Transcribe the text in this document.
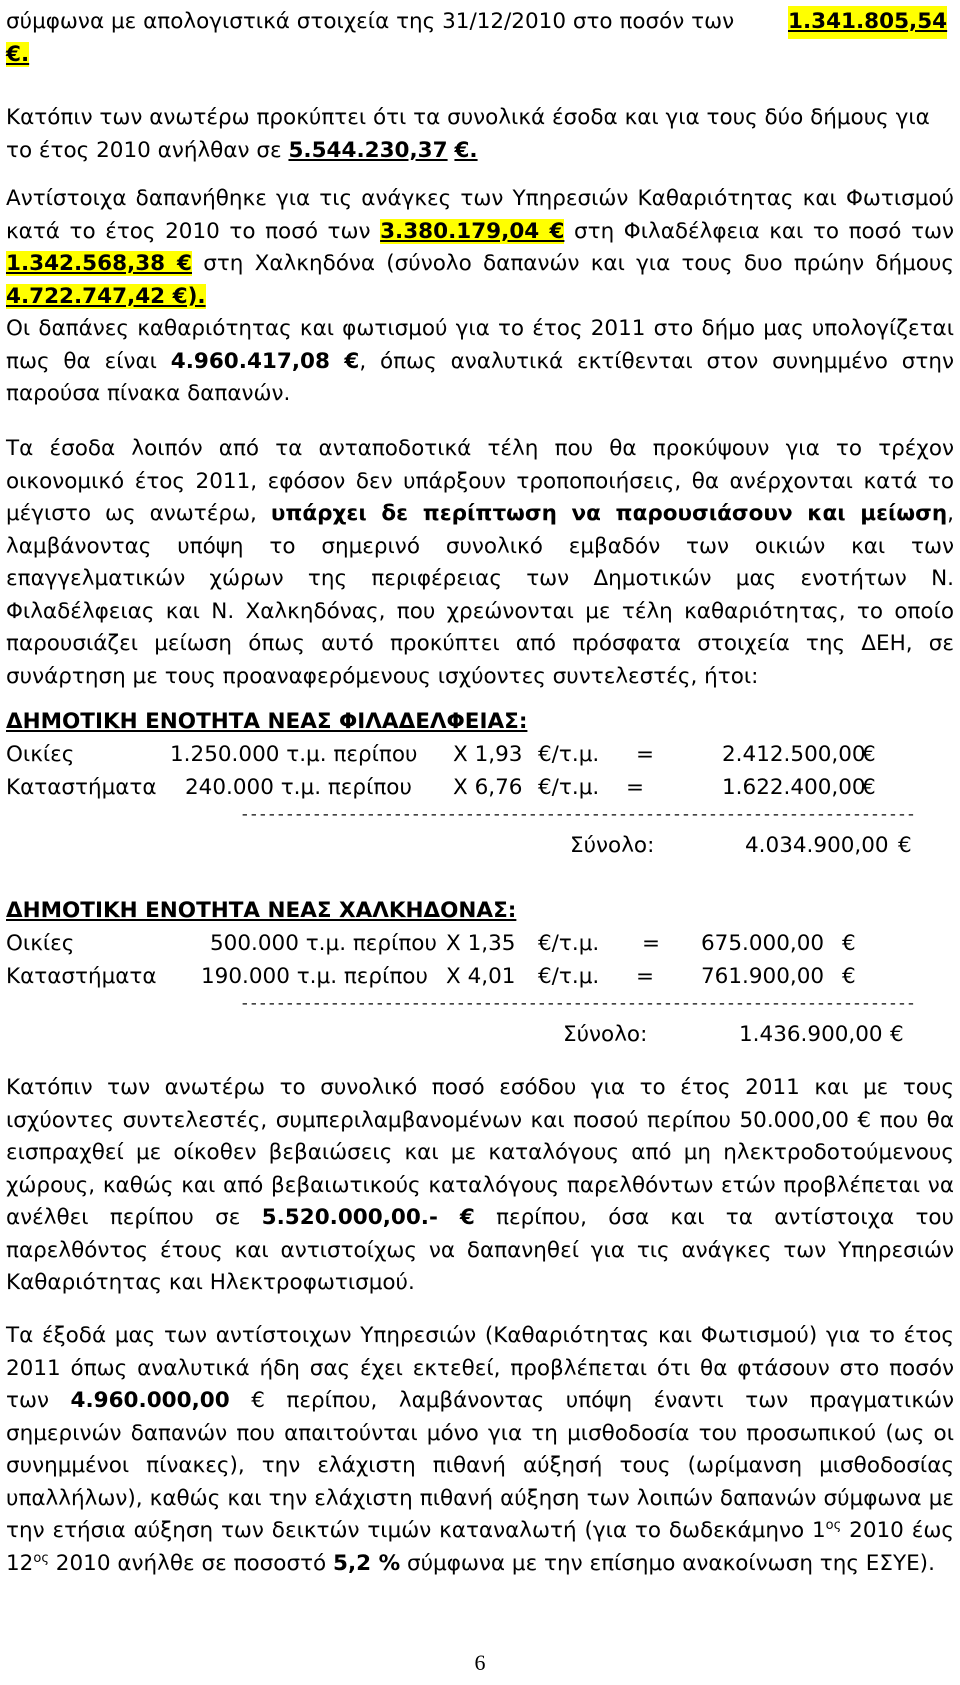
σύμφωνα με απολογιστικά στοιχεία της 31/12/2010 στο ποσόν των	1.341.805,54

€.
Κατόπιν των ανωτέρω προκύπτει ότι τα συνολικά έσοδα και για τους δύο δήμους για το έτος 2010 ανήλθαν σε 5.544.230,37 €.
Αντίστοιχα δαπανήθηκε για τις ανάγκες των Υπηρεσιών Καθαριότητας και Φωτισμού κατά το έτος 2010 το ποσό των 3.380.179,04 € στη Φιλαδέλφεια και το ποσό των 1.342.568,38 € στη Χαλκηδόνα (σύνολο δαπανών και για τους δυο πρώην δήμους 4.722.747,42 €).
Οι δαπάνες καθαριότητας και φωτισμού για το έτος 2011 στο δήμο μας υπολογίζεται πως θα είναι 4.960.417,08 €, όπως αναλυτικά εκτίθενται στον συνημμένο στην παρούσα πίνακα δαπανών.
Τα έσοδα λοιπόν από τα ανταποδοτικά τέλη που θα προκύψουν για το τρέχον οικονομικό έτος 2011, εφόσον δεν υπάρξουν τροποποιήσεις, θα ανέρχονται κατά το μέγιστο ως ανωτέρω, υπάρχει δε περίπτωση να παρουσιάσουν και μείωση, λαμβάνοντας υπόψη το σημερινό συνολικό εμβαδόν των οικιών και των επαγγελματικών χώρων της περιφέρειας των Δημοτικών μας ενοτήτων Ν. Φιλαδέλφειας και Ν. Χαλκηδόνας, που χρεώνονται με τέλη καθαριότητας, το οποίο παρουσιάζει μείωση όπως αυτό προκύπτει από πρόσφατα στοιχεία της ΔΕΗ, σε συνάρτηση με τους προαναφερόμενους ισχύοντες συντελεστές, ήτοι:
ΔΗΜΟΤΙΚΗ ΕΝΟΤΗΤΑ ΝΕΑΣ ΦΙΛΑΔΕΛΦΕΙΑΣ:
Οικίες	1.250.000 τ.μ. περίπου Χ 1,93 €/τ.μ. =	2.412.500,00
€
Καταστήματα 240.000 τ.μ. περίπου Χ 6,76 €/τ.μ. =	1.622.400,00
€
---------------------------------------------------------------------------
Σύνολο:	4.034.900,00 €
ΔΗΜΟΤΙΚΗ ΕΝΟΤΗΤΑ ΝΕΑΣ ΧΑΛΚΗΔΟΝΑΣ:
Οικίες	500.000 τ.μ. περίπου Χ 1,35 €/τ.μ. = 675.000,00 €
Καταστήματα 190.000 τ.μ. περίπου Χ 4,01 €/τ.μ. = 761.900,00 €
---------------------------------------------------------------------------
Σύνολο:	1.436.900,00 €
Κατόπιν των ανωτέρω το συνολικό ποσό εσόδου για το έτος 2011 και με τους ισχύοντες συντελεστές, συμπεριλαμβανομένων και ποσού περίπου 50.000,00 € που θα εισπραχθεί με οίκοθεν βεβαιώσεις και με καταλόγους από μη ηλεκτροδοτούμενους χώρους, καθώς και από βεβαιωτικούς καταλόγους παρελθόντων ετών προβλέπεται να ανέλθει περίπου σε 5.520.000,00.- € περίπου, όσα και τα αντίστοιχα του παρελθόντος έτους και αντιστοίχως να δαπανηθεί για τις ανάγκες των Υπηρεσιών Καθαριότητας και Ηλεκτροφωτισμού.
Τα έξοδά μας των αντίστοιχων Υπηρεσιών (Καθαριότητας και Φωτισμού) για το έτος 2011 όπως αναλυτικά ήδη σας έχει εκτεθεί, προβλέπεται ότι θα φτάσουν στο ποσόν των 4.960.000,00 € περίπου, λαμβάνοντας υπόψη έναντι των πραγματικών σημερινών δαπανών που απαιτούνται μόνο για τη μισθοδοσία του προσωπικού (ως οι συνημμένοι πίνακες), την ελάχιστη πιθανή αύξησή τους (ωρίμανση μισθοδοσίας υπαλλήλων), καθώς και την ελάχιστη πιθανή αύξηση των λοιπών δαπανών σύμφωνα με την ετήσια αύξηση των δεικτών τιμών καταναλωτή (για το δωδεκάμηνο $1^{o\varsigma}$ 2010 έως $12^{o\varsigma}$ 2010 ανήλθε σε ποσοστό 5,2 % σύμφωνα με την επίσημο ανακοίνωση της ΕΣΥΕ).
6
